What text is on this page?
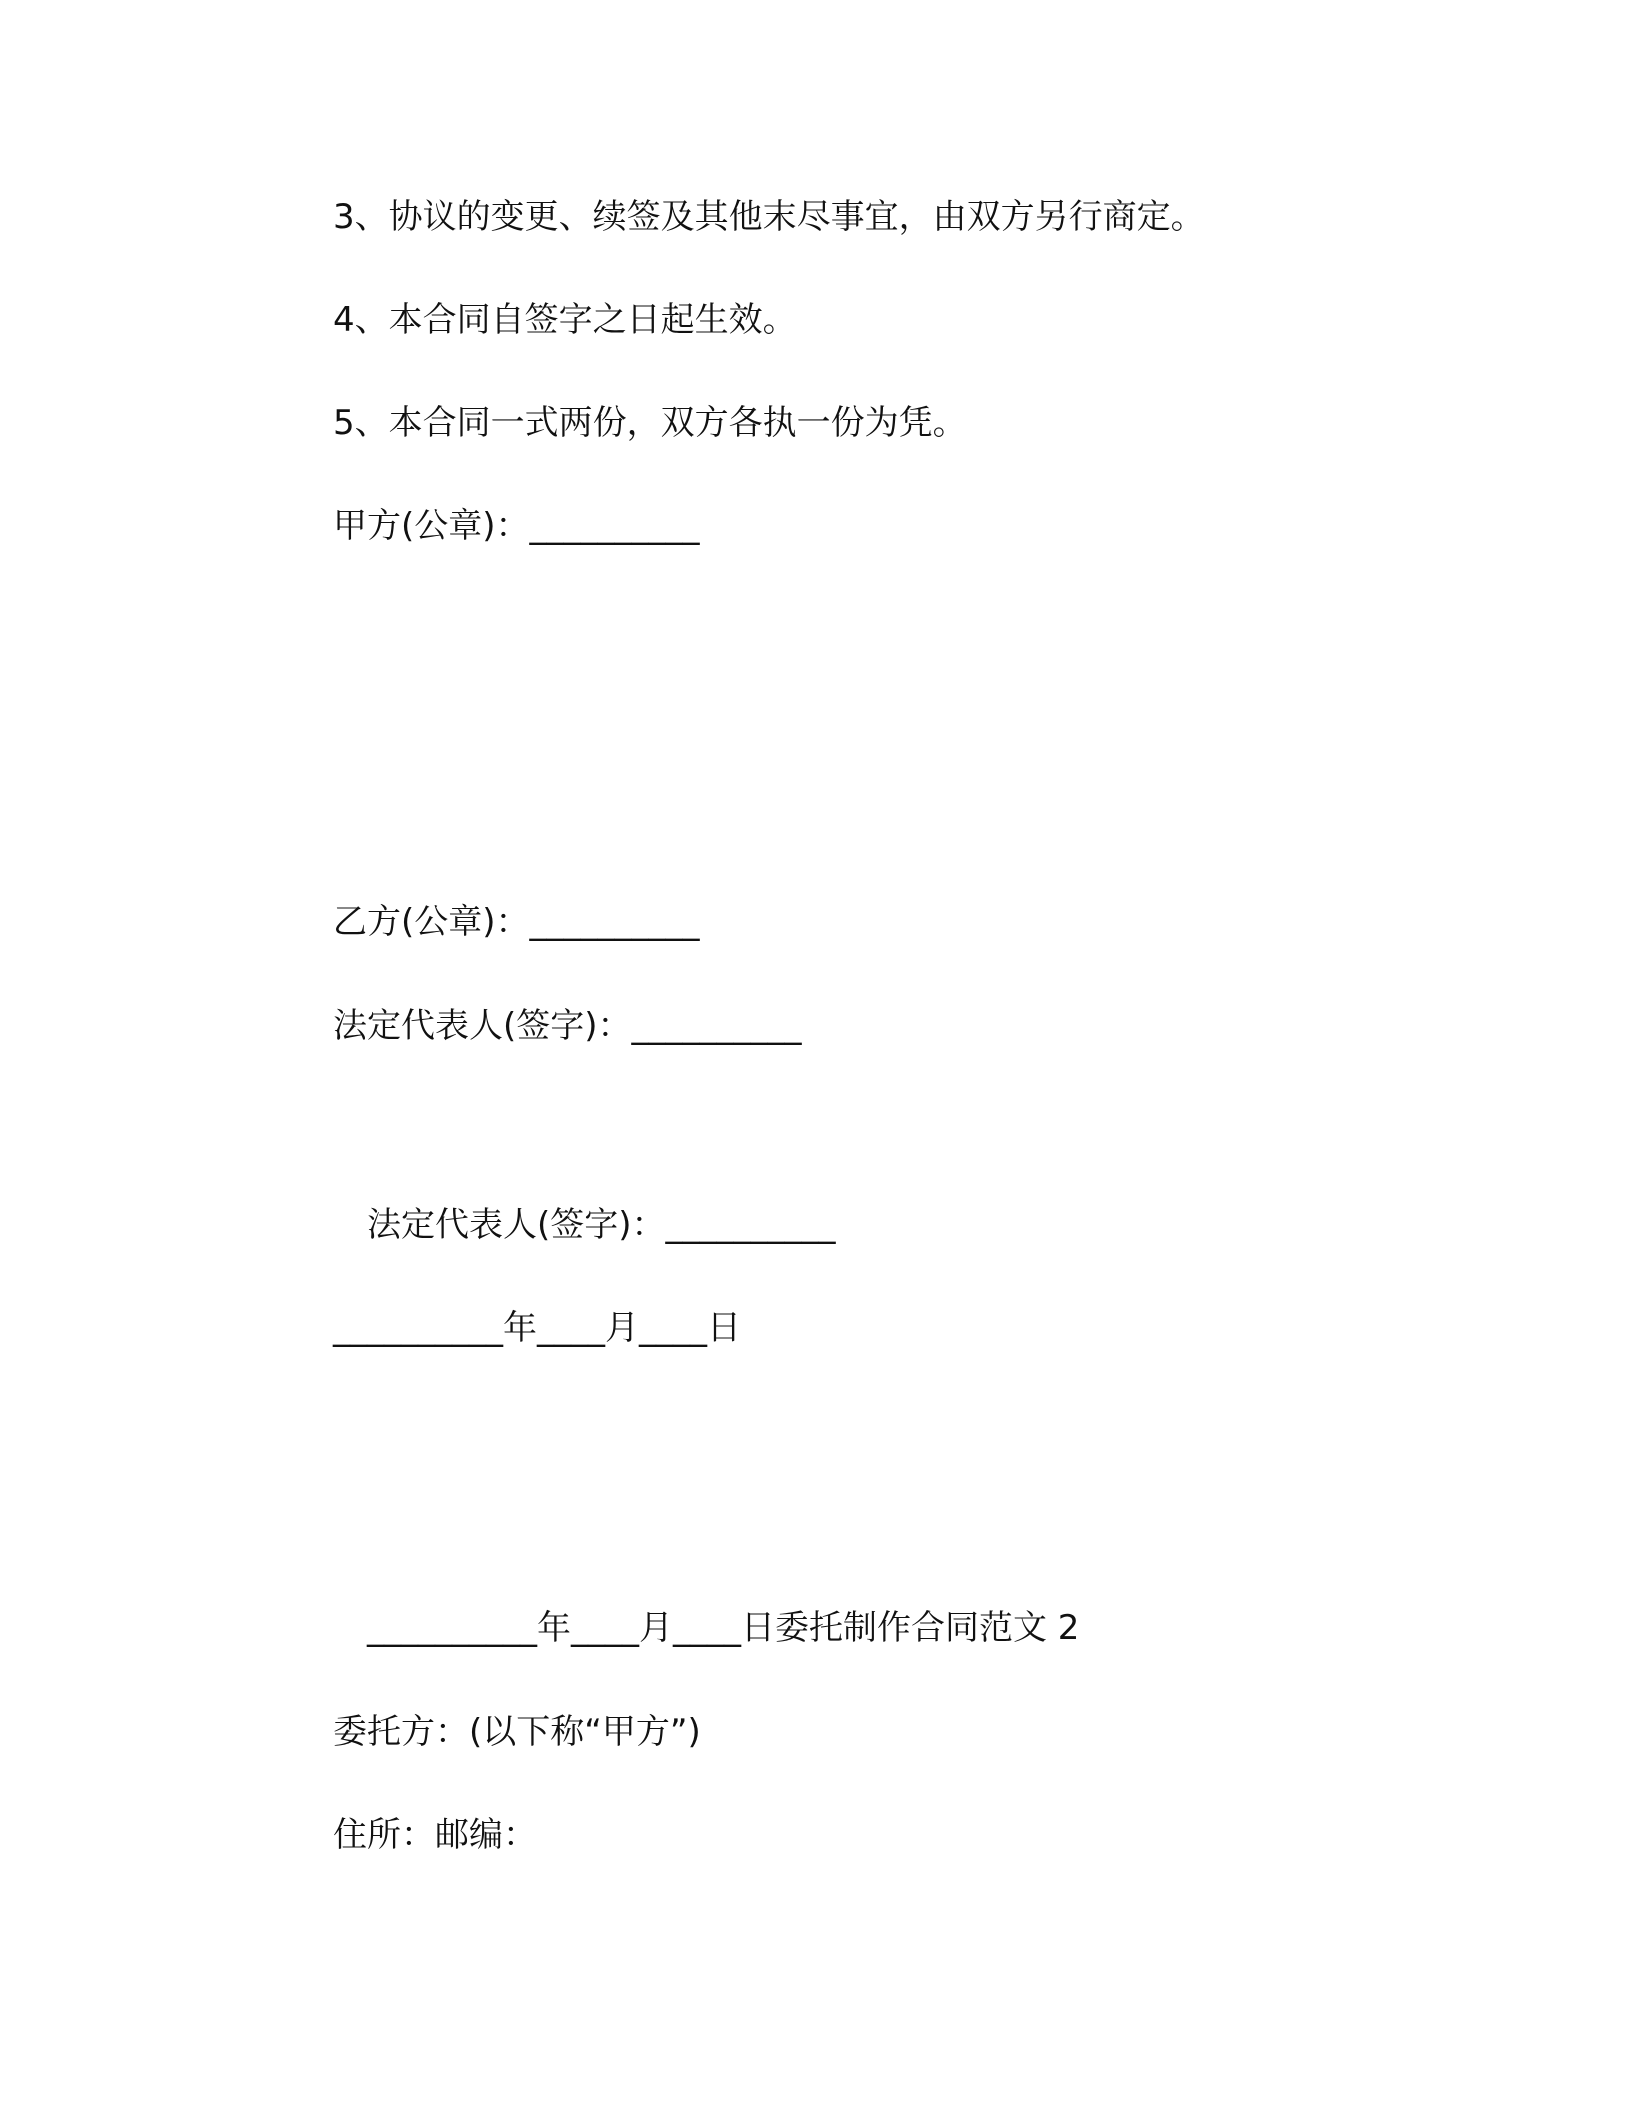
3、协议的变更、续签及其他末尽事宜，由双方另行商定。

4、本合同自签字之日起生效。

5、本合同一式两份，双方各执一份为凭。

甲方(公章)：__________

乙方(公章)：__________

法定代表人(签字)：__________

　法定代表人(签字)：__________

__________年____月____日

　__________年____月____日委托制作合同范文 2

委托方：(以下称“甲方”)

住所：邮编：
